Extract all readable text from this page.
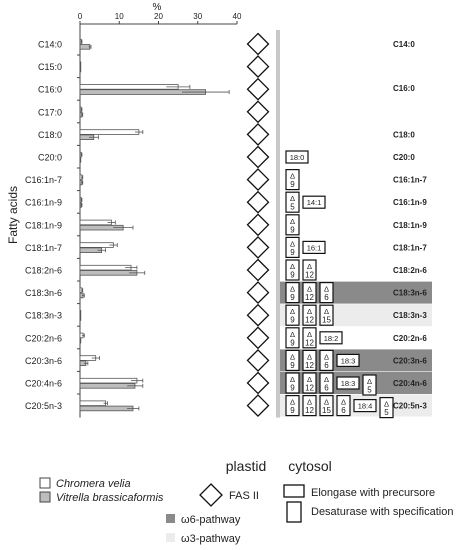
0	10	20	30	40
C14:0
C15:0
C16:0
C17:0
C18:0
C20:0
C16:1n-7
C16:1n-9
C18:1n-9
C18:1n-7
C18:2n-6
C18:3n-6
C18:3n-3
C20:2n-6
C20:3n-6
C20:4n-6
C20:5n-3
18:0
Δ
9
Δ
5 14:1
Δ
9
Δ
9 16:1
Δ
9
Δ
12
Δ
9
Δ
12
Δ
6
Δ
9
Δ
12
Δ
15
Δ
9
Δ
12 18:2
Δ
9
Δ
12
Δ
6 18:3
Δ
9
Δ
12
Δ
6 18:3 Δ
5
Δ
9
Δ
12
Δ
15
Δ
6 18:4 Δ
5
C14:0
C16:0
C18:0
C20:0
C16:1n-7
C16:1n-9
C18:1n-9
C18:1n-7
C18:2n-6
C18:3n-6
C18:3n-3
C20:2n-6
C20:3n-6
C20:4n-6
C20:5n-3
%
Fatty acids
plastid cytosol
Chromera velia
Vitrella brassicaformis	FAS II
ω6-pathway
ω3-pathway
Elongase with precursore
Desaturase with specification
